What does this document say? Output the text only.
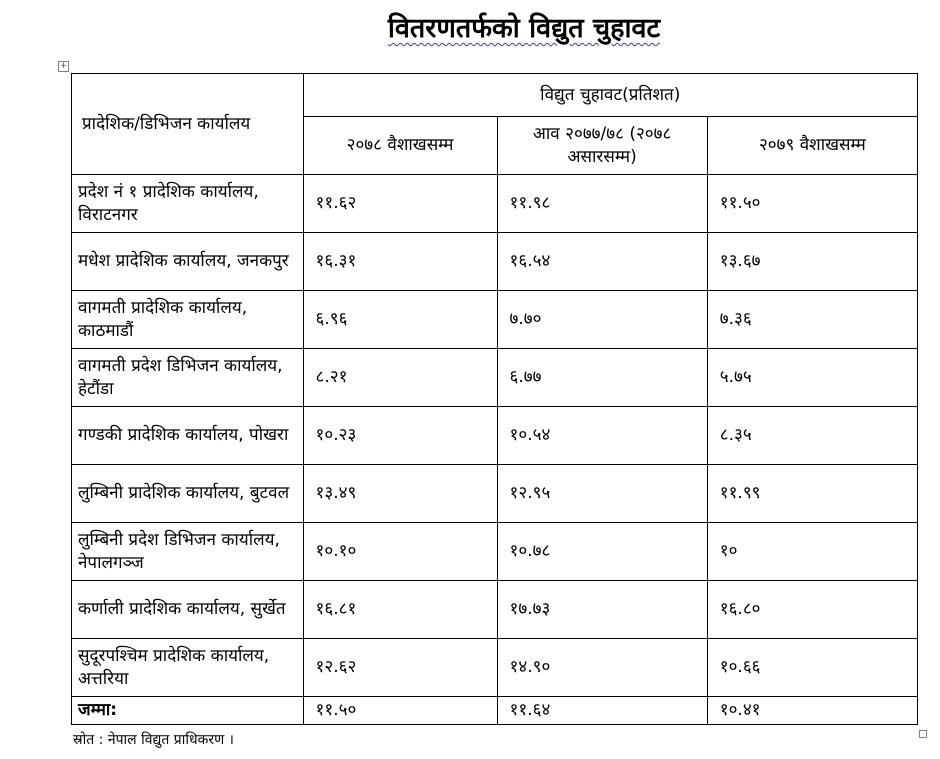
वितरणतर्फको विद्युत चुहावट
+
प्रादेशिक/डिभिजन कार्यालय	विद्युत चुहावट(प्रतिशत)		
	२०७८ वैशाखसम्म	आव २०७७/७८ (२०७८ असारसम्म)	२०७९ वैशाखसम्म
प्रदेश नं १ प्रादेशिक कार्यालय, विराटनगर	११.६२	११.९८	११.५०
मधेश प्रादेशिक कार्यालय, जनकपुर	१६.३१	१६.५४	१३.६७
वागमती प्रादेशिक कार्यालय, काठमाडौं	६.९६	७.७०	७.३६
वागमती प्रदेश डिभिजन कार्यालय, हेटौंडा	८.२१	६.७७	५.७५
गण्डकी प्रादेशिक कार्यालय, पोखरा	१०.२३	१०.५४	८.३५
लुम्बिनी प्रादेशिक कार्यालय, बुटवल	१३.४९	१२.९५	११.९९
लुम्बिनी प्रदेश डिभिजन कार्यालय, नेपालगञ्ज	१०.१०	१०.७८	१०
कर्णाली प्रादेशिक कार्यालय, सुर्खेत	१६.८१	१७.७३	१६.८०
सुदूरपश्चिम प्रादेशिक कार्यालय, अत्तरिया	१२.६२	१४.९०	१०.६६
जम्मा:	११.५०	११.६४	१०.४१
स्रोत : नेपाल विद्युत प्राधिकरण ।
